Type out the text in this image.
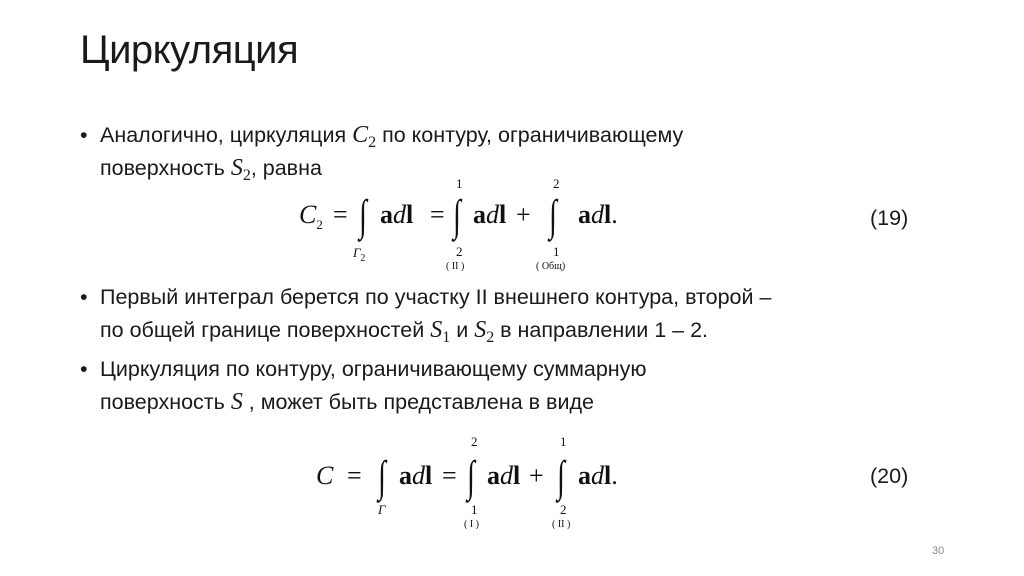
Циркуляция
• Аналогично, циркуляция $C_2$ по контуру, ограничивающему
поверхность $S_2$, равна
$C_2$ = ∫
$\Gamma_2$
adl =
1
∫
2
( II )
adl +
2
∫
1
( Общ)
adl.	(19)
• Первый интеграл берется по участку II внешнего контура, второй –
по общей границе поверхностей $S_1$ и $S_2$ в направлении 1 – 2.
• Циркуляция по контуру, ограничивающему суммарную
поверхность S , может быть представлена в виде
C = ∫
Γ
adl =
2
∫
1
( I )
adl +
1
∫
2
( II )
adl.	(20)
30
